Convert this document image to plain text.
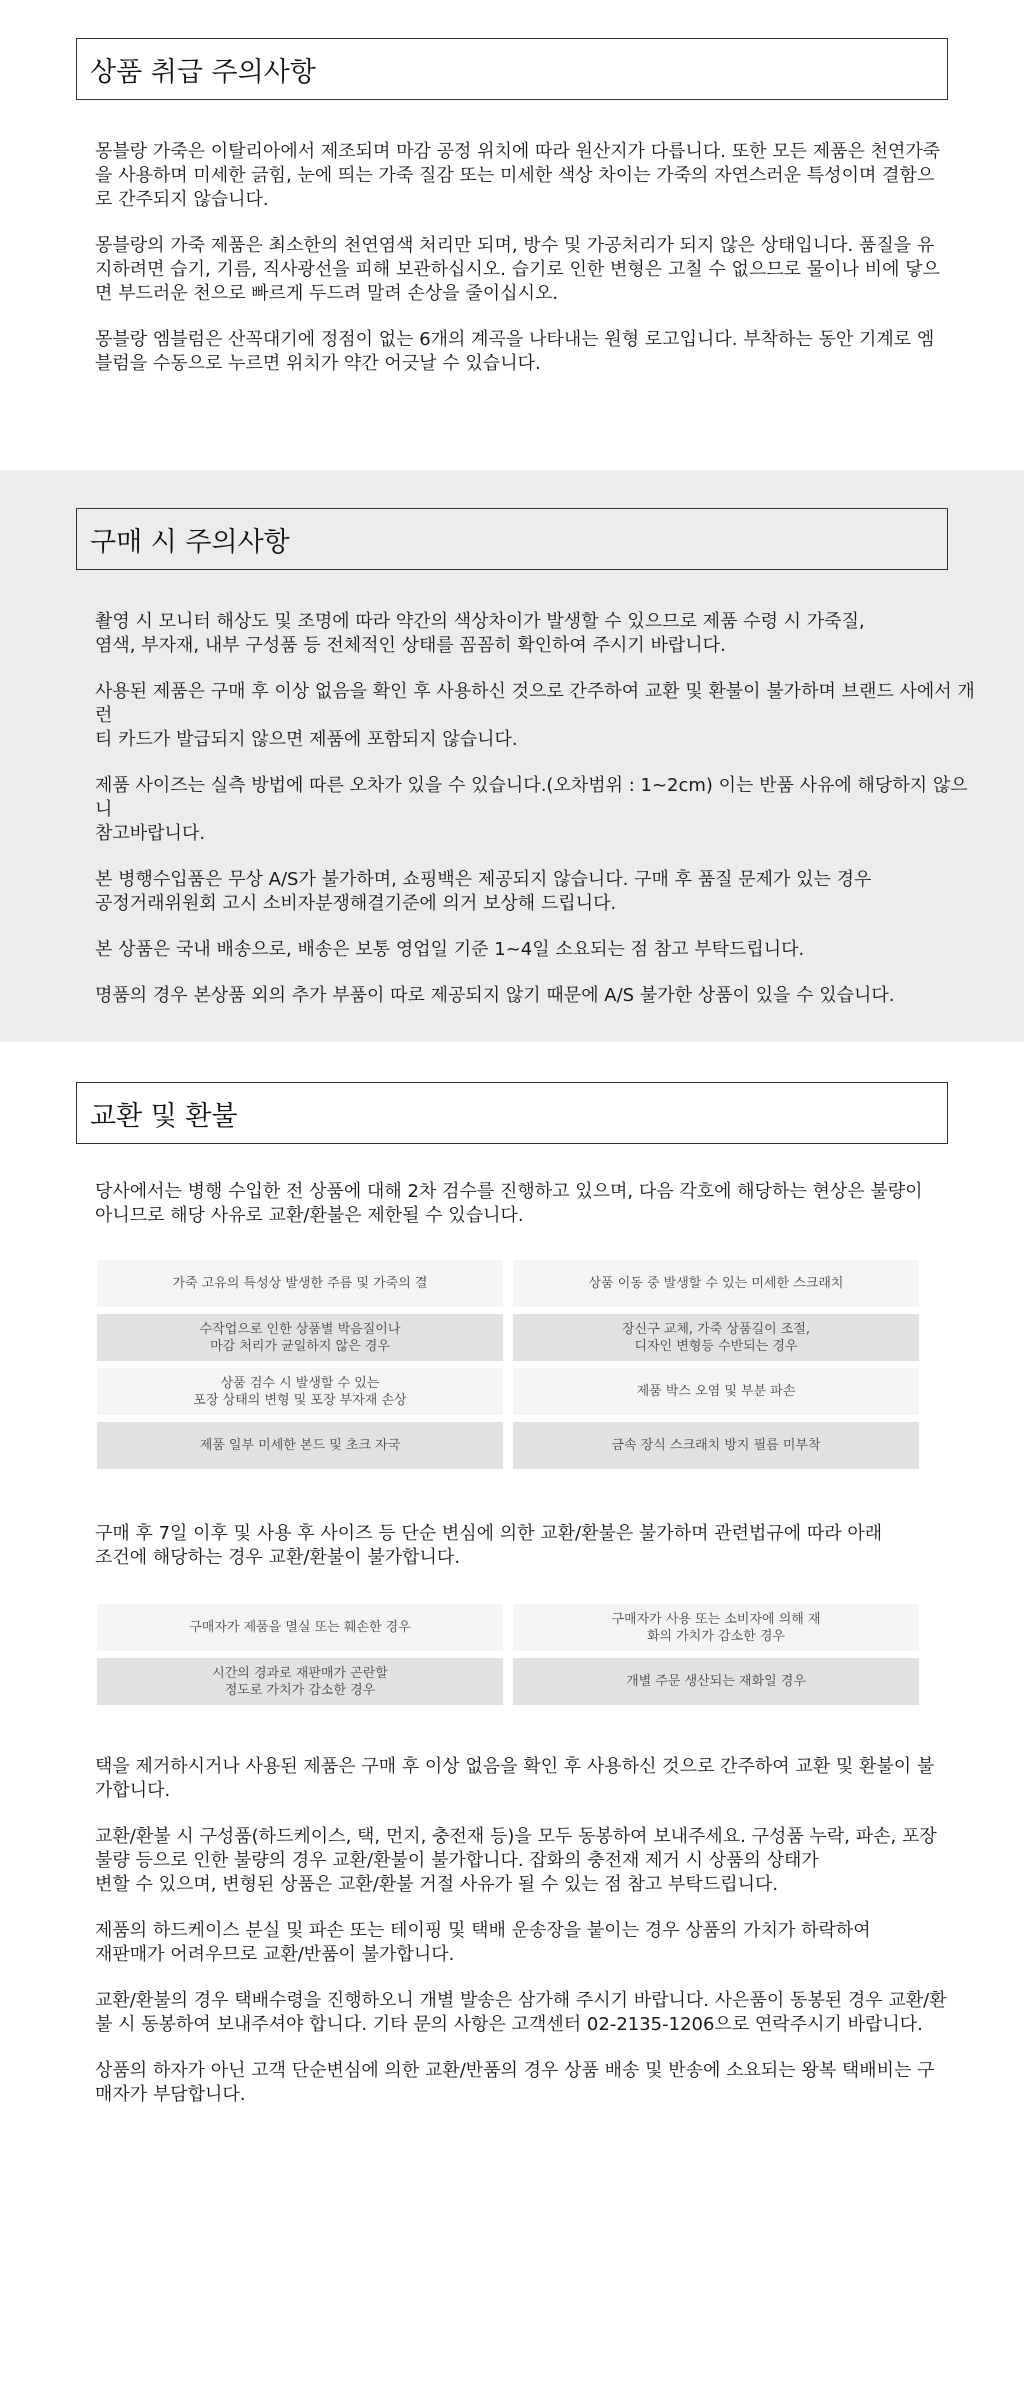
상품 취급 주의사항

몽블랑 가죽은 이탈리아에서 제조되며 마감 공정 위치에 따라 원산지가 다릅니다. 또한 모든 제품은 천연가죽
을 사용하며 미세한 긁힘, 눈에 띄는 가죽 질감 또는 미세한 색상 차이는 가죽의 자연스러운 특성이며 결함으
로 간주되지 않습니다.

몽블랑의 가죽 제품은 최소한의 천연염색 처리만 되며, 방수 및 가공처리가 되지 않은 상태입니다. 품질을 유
지하려면 습기, 기름, 직사광선을 피해 보관하십시오. 습기로 인한 변형은 고칠 수 없으므로 물이나 비에 닿으
면 부드러운 천으로 빠르게 두드려 말려 손상을 줄이십시오.

몽블랑 엠블럼은 산꼭대기에 정점이 없는 6개의 계곡을 나타내는 원형 로고입니다. 부착하는 동안 기계로 엠
블럼을 수동으로 누르면 위치가 약간 어긋날 수 있습니다.

구매 시 주의사항

촬영 시 모니터 해상도 및 조명에 따라 약간의 색상차이가 발생할 수 있으므로 제품 수령 시 가죽질,
염색, 부자재, 내부 구성품 등 전체적인 상태를 꼼꼼히 확인하여 주시기 바랍니다.

사용된 제품은 구매 후 이상 없음을 확인 후 사용하신 것으로 간주하여 교환 및 환불이 불가하며 브랜드 사에서 개런
티 카드가 발급되지 않으면 제품에 포함되지 않습니다.

제품 사이즈는 실측 방법에 따른 오차가 있을 수 있습니다.(오차범위 : 1~2cm) 이는 반품 사유에 해당하지 않으니
참고바랍니다.

본 병행수입품은 무상 A/S가 불가하며, 쇼핑백은 제공되지 않습니다. 구매 후 품질 문제가 있는 경우
공정거래위원회 고시 소비자분쟁해결기준에 의거 보상해 드립니다.

본 상품은 국내 배송으로, 배송은 보통 영업일 기준 1~4일 소요되는 점 참고 부탁드립니다.

명품의 경우 본상품 외의 추가 부품이 따로 제공되지 않기 때문에 A/S 불가한 상품이 있을 수 있습니다.

교환 및 환불

당사에서는 병행 수입한 전 상품에 대해 2차 검수를 진행하고 있으며, 다음 각호에 해당하는 현상은 불량이
아니므로 해당 사유로 교환/환불은 제한될 수 있습니다.

가죽 고유의 특성상 발생한 주름 및 가죽의 결	상품 이동 중 발생할 수 있는 미세한 스크래치
수작업으로 인한 상품별 박음질이나
마감 처리가 균일하지 않은 경우
장신구 교체, 가죽 상품길이 조절,
디자인 변형등 수반되는 경우
상품 검수 시 발생할 수 있는
포장 상태의 변형 및 포장 부자재 손상
제품 박스 오염 및 부분 파손
제품 일부 미세한 본드 및 초크 자국	금속 장식 스크래치 방지 필름 미부착

구매 후 7일 이후 및 사용 후 사이즈 등 단순 변심에 의한 교환/환불은 불가하며 관련법규에 따라 아래
조건에 해당하는 경우 교환/환불이 불가합니다.

구매자가 제품을 멸실 또는 훼손한 경우
구매자가 사용 또는 소비자에 의해 재
화의 가치가 감소한 경우
시간의 경과로 재판매가 곤란할
정도로 가치가 감소한 경우
개별 주문 생산되는 재화일 경우

택을 제거하시거나 사용된 제품은 구매 후 이상 없음을 확인 후 사용하신 것으로 간주하여 교환 및 환불이 불
가합니다.

교환/환불 시 구성품(하드케이스, 택, 먼지, 충전재 등)을 모두 동봉하여 보내주세요. 구성품 누락, 파손, 포장
불량 등으로 인한 불량의 경우 교환/환불이 불가합니다. 잡화의 충전재 제거 시 상품의 상태가
변할 수 있으며, 변형된 상품은 교환/환불 거절 사유가 될 수 있는 점 참고 부탁드립니다.

제품의 하드케이스 분실 및 파손 또는 테이핑 및 택배 운송장을 붙이는 경우 상품의 가치가 하락하여
재판매가 어려우므로 교환/반품이 불가합니다.

교환/환불의 경우 택배수령을 진행하오니 개별 발송은 삼가해 주시기 바랍니다. 사은품이 동봉된 경우 교환/환
불 시 동봉하여 보내주셔야 합니다. 기타 문의 사항은 고객센터 02-2135-1206으로 연락주시기 바랍니다.

상품의 하자가 아닌 고객 단순변심에 의한 교환/반품의 경우 상품 배송 및 반송에 소요되는 왕복 택배비는 구
매자가 부담합니다.
